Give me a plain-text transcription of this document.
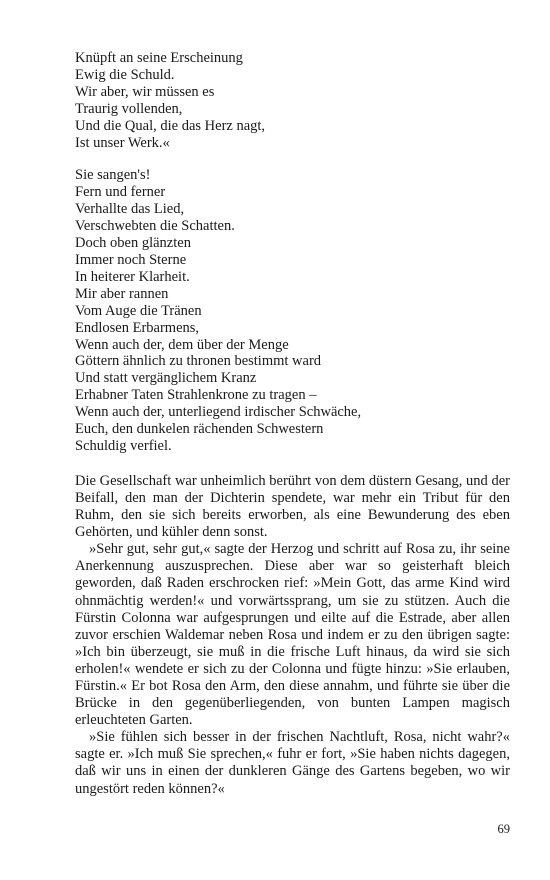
Knüpft an seine Erscheinung
Ewig die Schuld.
Wir aber, wir müssen es
Traurig vollenden,
Und die Qual, die das Herz nagt,
Ist unser Werk.«
Sie sangen's!
Fern und ferner
Verhallte das Lied,
Verschwebten die Schatten.
Doch oben glänzten
Immer noch Sterne
In heiterer Klarheit.
Mir aber rannen
Vom Auge die Tränen
Endlosen Erbarmens,
Wenn auch der, dem über der Menge
Göttern ähnlich zu thronen bestimmt ward
Und statt vergänglichem Kranz
Erhabner Taten Strahlenkrone zu tragen –
Wenn auch der, unterliegend irdischer Schwäche,
Euch, den dunkelen rächenden Schwestern
Schuldig verfiel.

Die Gesellschaft war unheimlich berührt von dem düstern Gesang, und der Beifall, den man der Dichterin spendete, war mehr ein Tribut für den Ruhm, den sie sich bereits erworben, als eine Bewunderung des eben Gehörten, und kühler denn sonst.

»Sehr gut, sehr gut,« sagte der Herzog und schritt auf Rosa zu, ihr seine Anerkennung auszusprechen. Diese aber war so geisterhaft bleich geworden, daß Raden erschrocken rief: »Mein Gott, das arme Kind wird ohnmächtig werden!« und vorwärtssprang, um sie zu stützen. Auch die Fürstin Colonna war aufgesprungen und eilte auf die Estrade, aber allen zuvor erschien Waldemar neben Rosa und indem er zu den übrigen sagte: »Ich bin überzeugt, sie muß in die frische Luft hinaus, da wird sie sich erholen!« wendete er sich zu der Colonna und fügte hinzu: »Sie erlauben, Fürstin.« Er bot Rosa den Arm, den diese annahm, und führte sie über die Brücke in den gegenüberliegenden, von bunten Lampen magisch erleuchteten Garten.

»Sie fühlen sich besser in der frischen Nachtluft, Rosa, nicht wahr?« sagte er. »Ich muß Sie sprechen,« fuhr er fort, »Sie haben nichts dagegen, daß wir uns in einen der dunkleren Gänge des Gartens begeben, wo wir ungestört reden können?«

69
